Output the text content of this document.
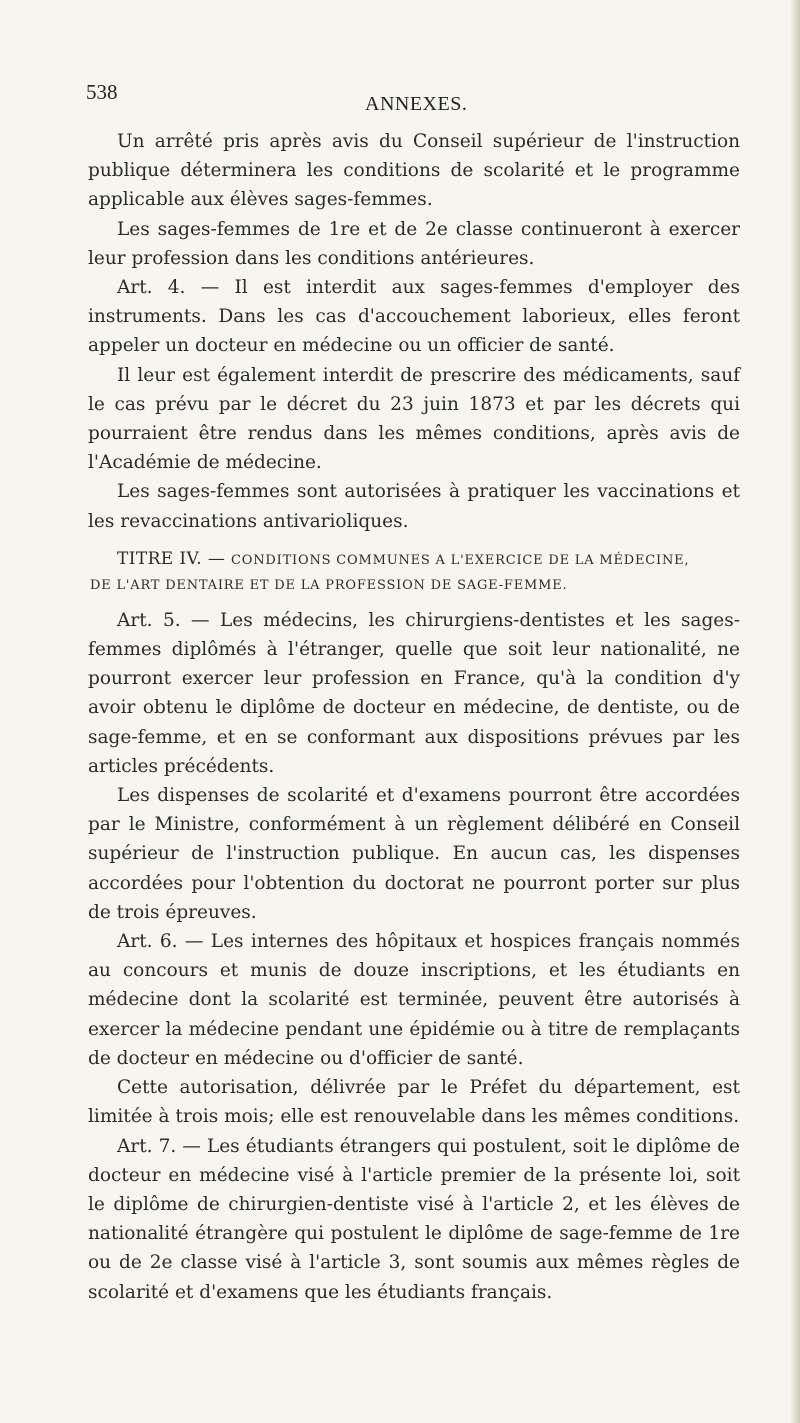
538	ANNEXES.

Un arrêté pris après avis du Conseil supérieur de l'instruction publique déterminera les conditions de scolarité et le programme applicable aux élèves sages-femmes.

Les sages-femmes de 1re et de 2e classe continueront à exercer leur profession dans les conditions antérieures.

Art. 4. — Il est interdit aux sages-femmes d'employer des instruments. Dans les cas d'accouchement laborieux, elles feront appeler un docteur en médecine ou un officier de santé.

Il leur est également interdit de prescrire des médicaments, sauf le cas prévu par le décret du 23 juin 1873 et par les décrets qui pourraient être rendus dans les mêmes conditions, après avis de l'Académie de médecine.

Les sages-femmes sont autorisées à pratiquer les vaccinations et les revaccinations antivarioliques.

TITRE IV. — CONDITIONS COMMUNES A L'EXERCICE DE LA MÉDECINE,
DE L'ART DENTAIRE ET DE LA PROFESSION DE SAGE-FEMME.

Art. 5. — Les médecins, les chirurgiens-dentistes et les sages-femmes diplômés à l'étranger, quelle que soit leur nationalité, ne pourront exercer leur profession en France, qu'à la condition d'y avoir obtenu le diplôme de docteur en médecine, de dentiste, ou de sage-femme, et en se conformant aux dispositions prévues par les articles précédents.

Les dispenses de scolarité et d'examens pourront être accordées par le Ministre, conformément à un règlement délibéré en Conseil supérieur de l'instruction publique. En aucun cas, les dispenses accordées pour l'obtention du doctorat ne pourront porter sur plus de trois épreuves.

Art. 6. — Les internes des hôpitaux et hospices français nommés au concours et munis de douze inscriptions, et les étudiants en médecine dont la scolarité est terminée, peuvent être autorisés à exercer la médecine pendant une épidémie ou à titre de remplaçants de docteur en médecine ou d'officier de santé.

Cette autorisation, délivrée par le Préfet du département, est limitée à trois mois; elle est renouvelable dans les mêmes conditions.

Art. 7. — Les étudiants étrangers qui postulent, soit le diplôme de docteur en médecine visé à l'article premier de la présente loi, soit le diplôme de chirurgien-dentiste visé à l'article 2, et les élèves de nationalité étrangère qui postulent le diplôme de sage-femme de 1re ou de 2e classe visé à l'article 3, sont soumis aux mêmes règles de scolarité et d'examens que les étudiants français.
